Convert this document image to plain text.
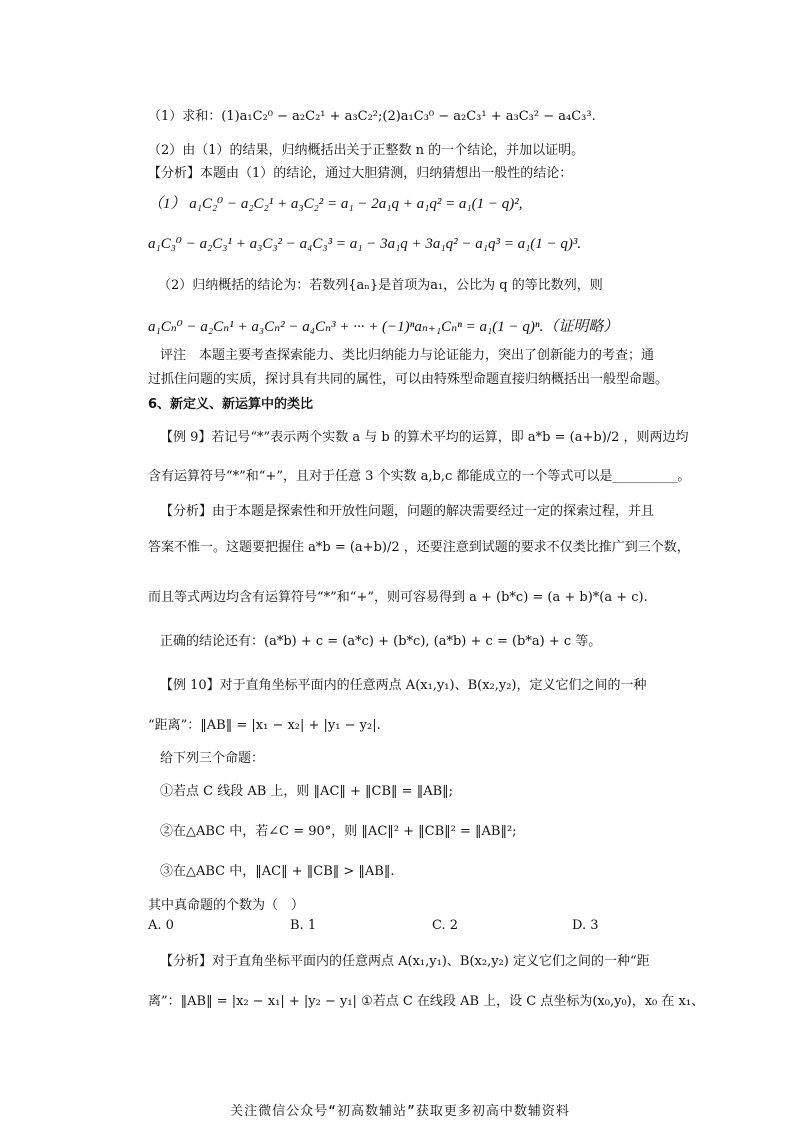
（1）求和：(1)a₁C₂⁰ − a₂C₂¹ + a₃C₂²;(2)a₁C₃⁰ − a₂C₃¹ + a₃C₃² − a₄C₃³.
（2）由（1）的结果，归纳概括出关于正整数 n 的一个结论，并加以证明。
【分析】本题由（1）的结论，通过大胆猜测，归纳猜想出一般性的结论：
（1） a₁C₂⁰ − a₂C₂¹ + a₃C₂² = a₁ − 2a₁q + a₁q² = a₁(1 − q)²,
a₁C₃⁰ − a₂C₃¹ + a₃C₃² − a₄C₃³ = a₁ − 3a₁q + 3a₁q² − a₁q³ = a₁(1 − q)³.
（2）归纳概括的结论为：若数列{aₙ}是首项为a₁，公比为 q 的等比数列，则
a₁Cₙ⁰ − a₂Cₙ¹ + a₃Cₙ² − a₄Cₙ³ + ··· + (−1)ⁿaₙ₊₁Cₙⁿ = a₁(1 − q)ⁿ.（证明略）
评注　本题主要考查探索能力、类比归纳能力与论证能力，突出了创新能力的考查；通
过抓住问题的实质，探讨具有共同的属性，可以由特殊型命题直接归纳概括出一般型命题。
6、新定义、新运算中的类比
【例 9】若记号“*”表示两个实数 a 与 b 的算术平均的运算，即 a*b = (a+b)/2 ，则两边均
含有运算符号“*”和“+”，且对于任意 3 个实数 a,b,c 都能成立的一个等式可以是__________。
【分析】由于本题是探索性和开放性问题，问题的解决需要经过一定的探索过程，并且
答案不惟一。这题要把握住 a*b = (a+b)/2 ，还要注意到试题的要求不仅类比推广到三个数，
而且等式两边均含有运算符号“*”和“+”，则可容易得到 a + (b*c) = (a + b)*(a + c).
正确的结论还有：(a*b) + c = (a*c) + (b*c), (a*b) + c = (b*a) + c 等。
【例 10】对于直角坐标平面内的任意两点 A(x₁,y₁)、B(x₂,y₂)，定义它们之间的一种
“距离”：‖AB‖ = |x₁ − x₂| + |y₁ − y₂|.
给下列三个命题：
①若点 C 线段 AB 上，则 ‖AC‖ + ‖CB‖ = ‖AB‖;
②在△ABC 中，若∠C = 90°，则 ‖AC‖² + ‖CB‖² = ‖AB‖²;
③在△ABC 中，‖AC‖ + ‖CB‖ > ‖AB‖.
其中真命题的个数为（　）
A. 0	B. 1	C. 2	D. 3
【分析】对于直角坐标平面内的任意两点 A(x₁,y₁)、B(x₂,y₂) 定义它们之间的一种“距
离”：‖AB‖ = |x₂ − x₁| + |y₂ − y₁| ①若点 C 在线段 AB 上，设 C 点坐标为(x₀,y₀)，x₀ 在 x₁、
关注微信公众号“初高数辅站”获取更多初高中数辅资料
